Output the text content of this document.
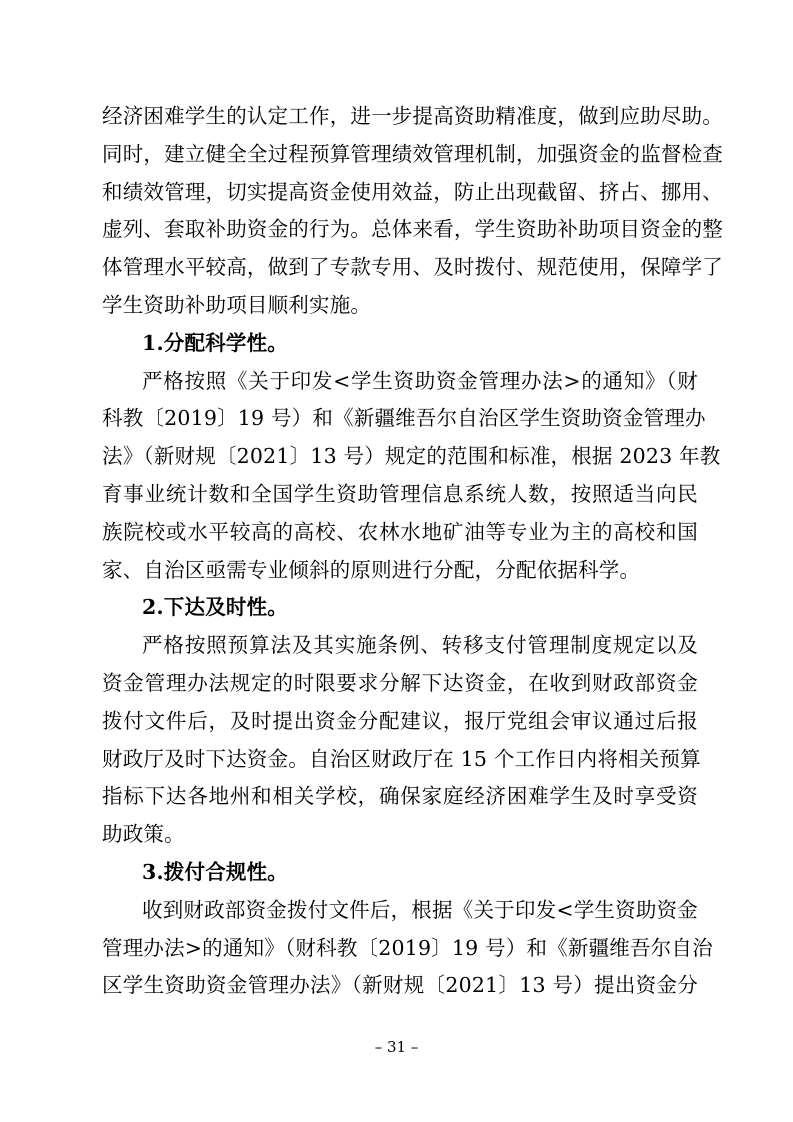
经济困难学生的认定工作，进一步提高资助精准度，做到应助尽助。
同时，建立健全全过程预算管理绩效管理机制，加强资金的监督检查
和绩效管理，切实提高资金使用效益，防止出现截留、挤占、挪用、
虚列、套取补助资金的行为。总体来看，学生资助补助项目资金的整
体管理水平较高，做到了专款专用、及时拨付、规范使用，保障学了
学生资助补助项目顺利实施。
1.分配科学性。
严格按照《关于印发<学生资助资金管理办法>的通知》（财
科教〔2019〕19 号）和《新疆维吾尔自治区学生资助资金管理办
法》（新财规〔2021〕13 号）规定的范围和标准，根据 2023 年教
育事业统计数和全国学生资助管理信息系统人数，按照适当向民
族院校或水平较高的高校、农林水地矿油等专业为主的高校和国
家、自治区亟需专业倾斜的原则进行分配，分配依据科学。
2.下达及时性。
严格按照预算法及其实施条例、转移支付管理制度规定以及
资金管理办法规定的时限要求分解下达资金，在收到财政部资金
拨付文件后，及时提出资金分配建议，报厅党组会审议通过后报
财政厅及时下达资金。自治区财政厅在 15 个工作日内将相关预算
指标下达各地州和相关学校，确保家庭经济困难学生及时享受资
助政策。
3.拨付合规性。
收到财政部资金拨付文件后，根据《关于印发<学生资助资金
管理办法>的通知》（财科教〔2019〕19 号）和《新疆维吾尔自治
区学生资助资金管理办法》（新财规〔2021〕13 号）提出资金分
– 31 –
